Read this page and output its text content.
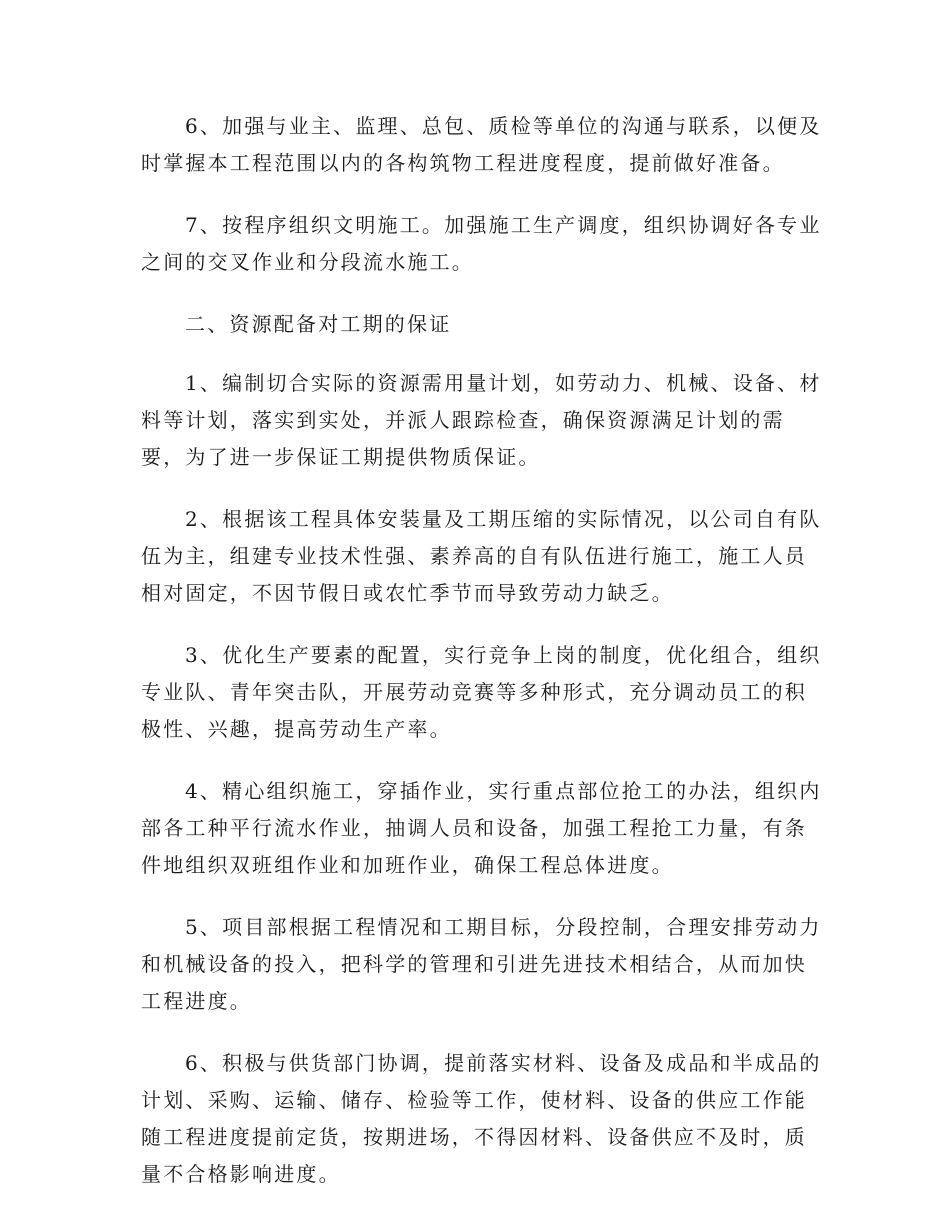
6、加强与业主、监理、总包、质检等单位的沟通与联系，以便及
时掌握本工程范围以内的各构筑物工程进度程度，提前做好准备。

7、按程序组织文明施工。加强施工生产调度，组织协调好各专业
之间的交叉作业和分段流水施工。

二、资源配备对工期的保证

1、编制切合实际的资源需用量计划，如劳动力、机械、设备、材
料等计划，落实到实处，并派人跟踪检查，确保资源满足计划的需
要，为了进一步保证工期提供物质保证。

2、根据该工程具体安装量及工期压缩的实际情况，以公司自有队
伍为主，组建专业技术性强、素养高的自有队伍进行施工，施工人员
相对固定，不因节假日或农忙季节而导致劳动力缺乏。

3、优化生产要素的配置，实行竞争上岗的制度，优化组合，组织
专业队、青年突击队，开展劳动竞赛等多种形式，充分调动员工的积
极性、兴趣，提高劳动生产率。

4、精心组织施工，穿插作业，实行重点部位抢工的办法，组织内
部各工种平行流水作业，抽调人员和设备，加强工程抢工力量，有条
件地组织双班组作业和加班作业，确保工程总体进度。

5、项目部根据工程情况和工期目标，分段控制，合理安排劳动力
和机械设备的投入，把科学的管理和引进先进技术相结合，从而加快
工程进度。

6、积极与供货部门协调，提前落实材料、设备及成品和半成品的
计划、采购、运输、储存、检验等工作，使材料、设备的供应工作能
随工程进度提前定货，按期进场，不得因材料、设备供应不及时，质
量不合格影响进度。
